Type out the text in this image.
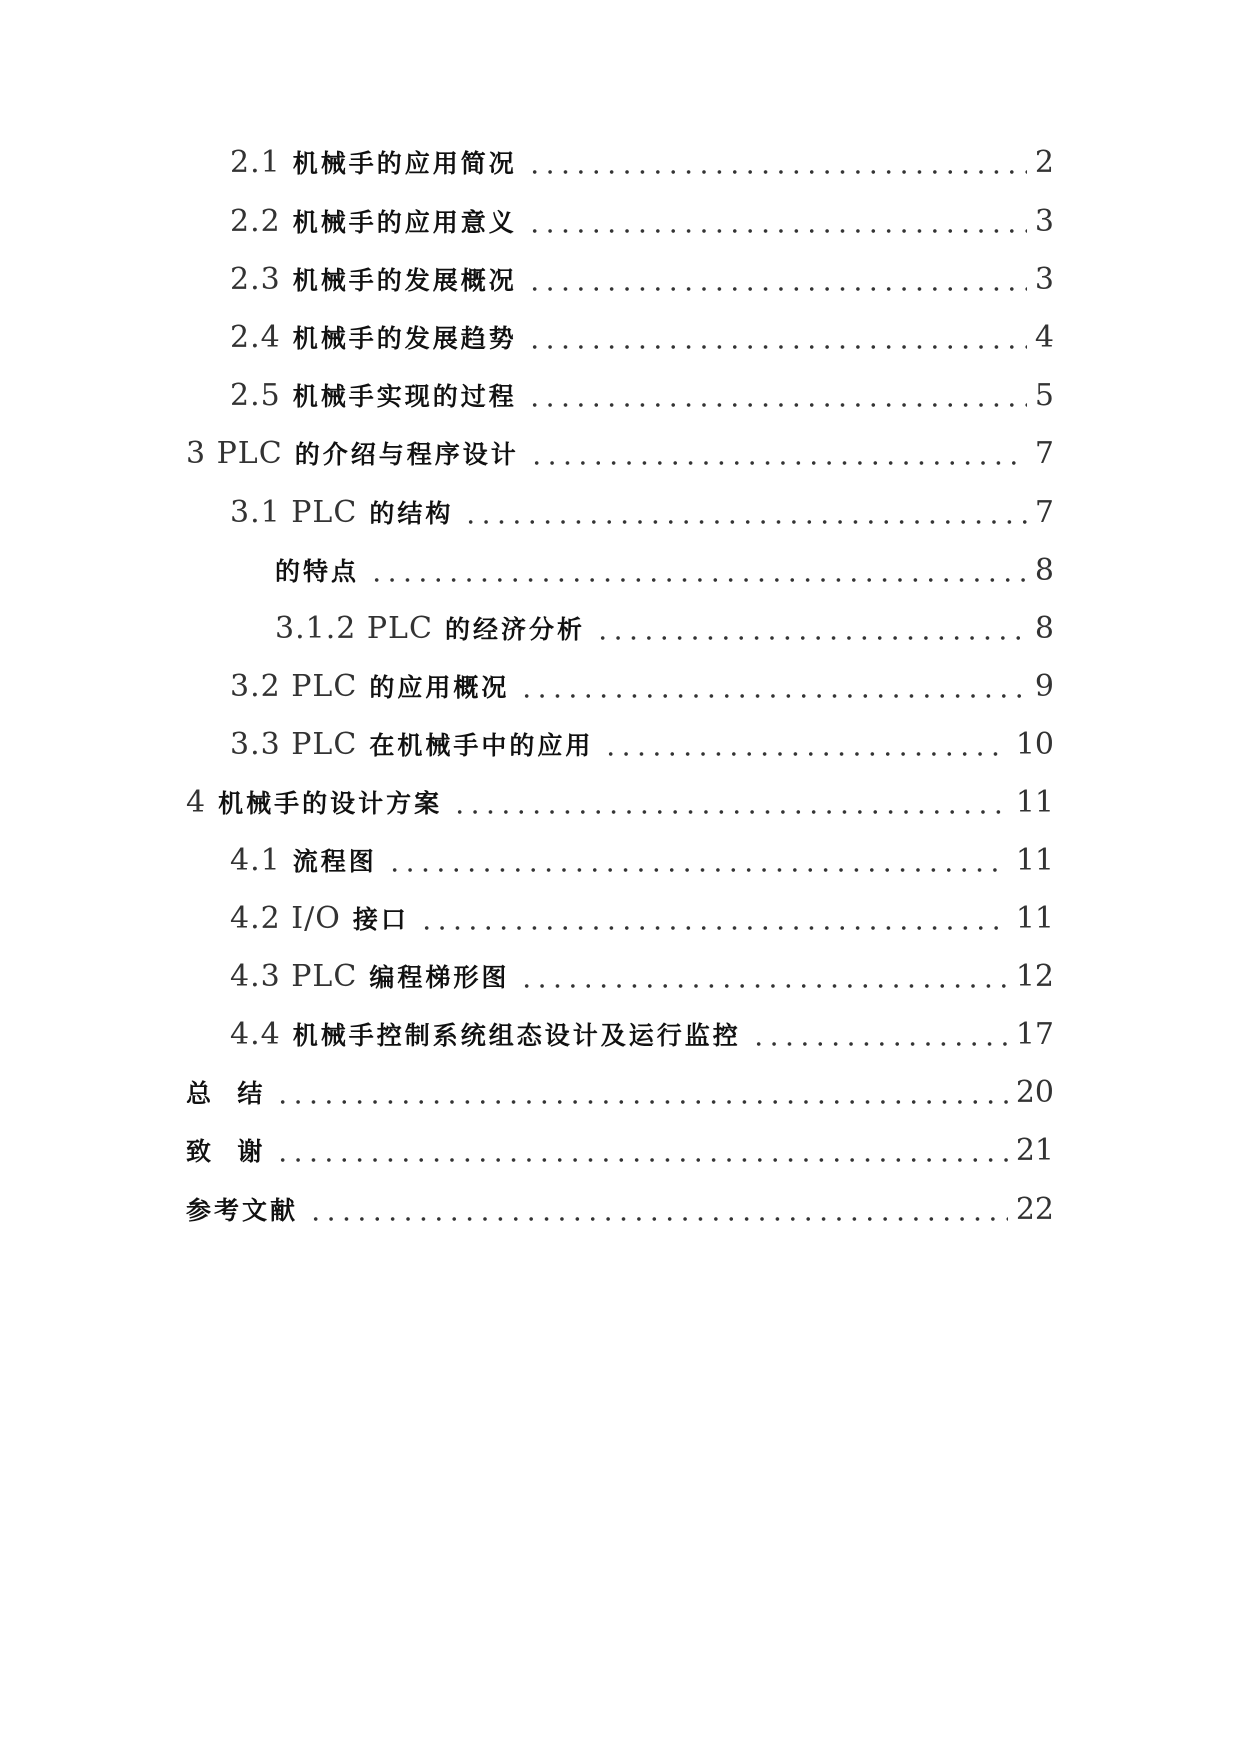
2.1 机械手的应用简况	2
2.2 机械手的应用意义	3
2.3 机械手的发展概况	3
2.4 机械手的发展趋势	4
2.5 机械手实现的过程	5
3 PLC 的介绍与程序设计	7
3.1 PLC 的结构	7
的特点	8
3.1.2 PLC 的经济分析	8
3.2 PLC 的应用概况	9
3.3 PLC 在机械手中的应用	10
4 机械手的设计方案	11
4.1 流程图	11
4.2 I/O 接口	11
4.3 PLC 编程梯形图	12
4.4 机械手控制系统组态设计及运行监控	17
总  结	20
致  谢	21
参考文献	22
